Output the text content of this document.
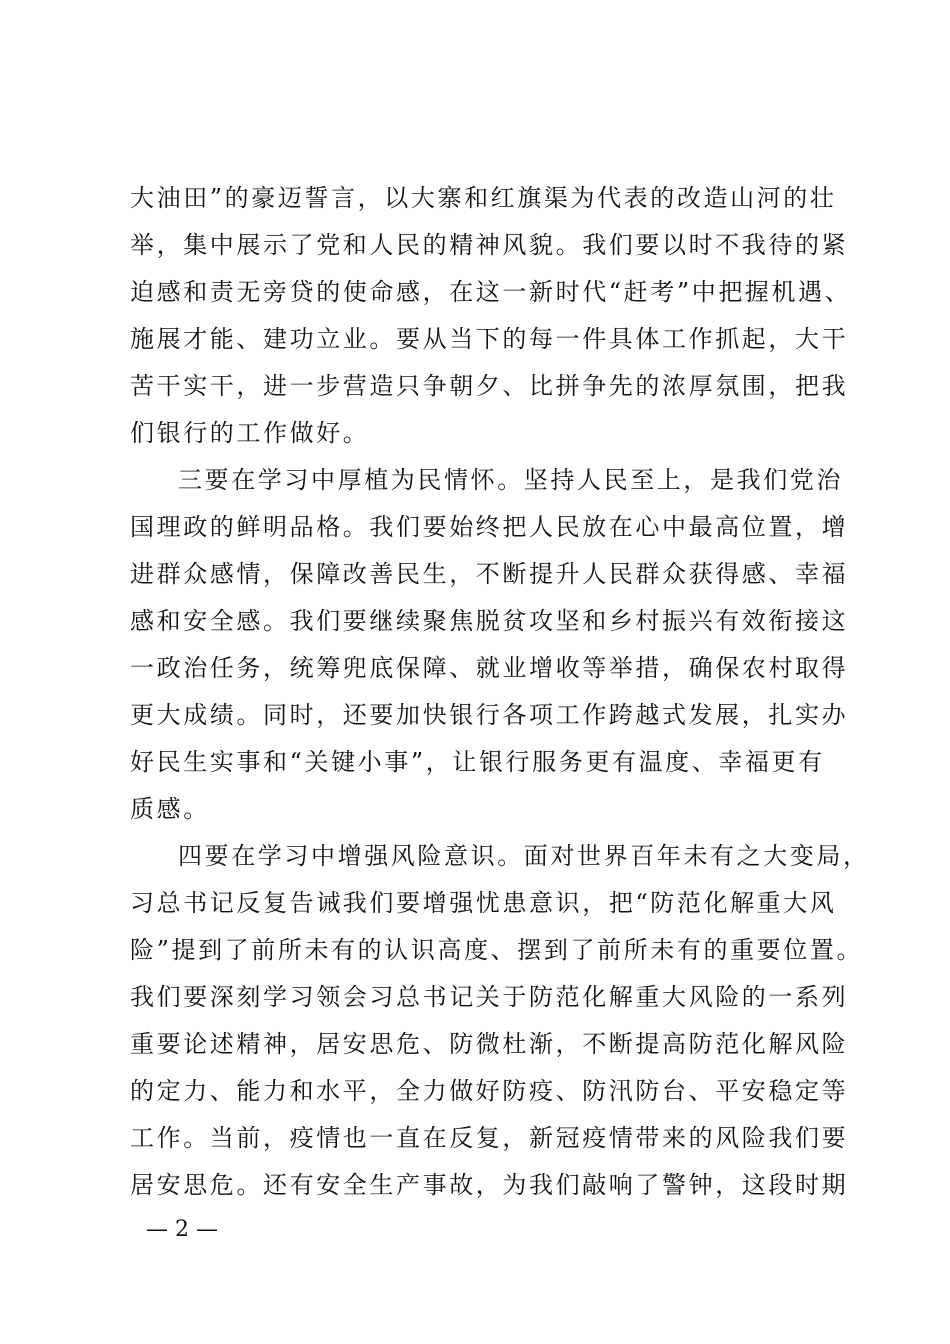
大油田”的豪迈誓言，以大寨和红旗渠为代表的改造山河的壮
举，集中展示了党和人民的精神风貌。我们要以时不我待的紧
迫感和责无旁贷的使命感，在这一新时代“赶考”中把握机遇、
施展才能、建功立业。要从当下的每一件具体工作抓起，大干
苦干实干，进一步营造只争朝夕、比拼争先的浓厚氛围，把我
们银行的工作做好。
三要在学习中厚植为民情怀。坚持人民至上，是我们党治
国理政的鲜明品格。我们要始终把人民放在心中最高位置，增
进群众感情，保障改善民生，不断提升人民群众获得感、幸福
感和安全感。我们要继续聚焦脱贫攻坚和乡村振兴有效衔接这
一政治任务，统筹兜底保障、就业增收等举措，确保农村取得
更大成绩。同时，还要加快银行各项工作跨越式发展，扎实办
好民生实事和“关键小事”，让银行服务更有温度、幸福更有
质感。
四要在学习中增强风险意识。面对世界百年未有之大变局，
习总书记反复告诫我们要增强忧患意识，把“防范化解重大风
险”提到了前所未有的认识高度、摆到了前所未有的重要位置。
我们要深刻学习领会习总书记关于防范化解重大风险的一系列
重要论述精神，居安思危、防微杜渐，不断提高防范化解风险
的定力、能力和水平，全力做好防疫、防汛防台、平安稳定等
工作。当前，疫情也一直在反复，新冠疫情带来的风险我们要
居安思危。还有安全生产事故，为我们敲响了警钟，这段时期
— 2 —
